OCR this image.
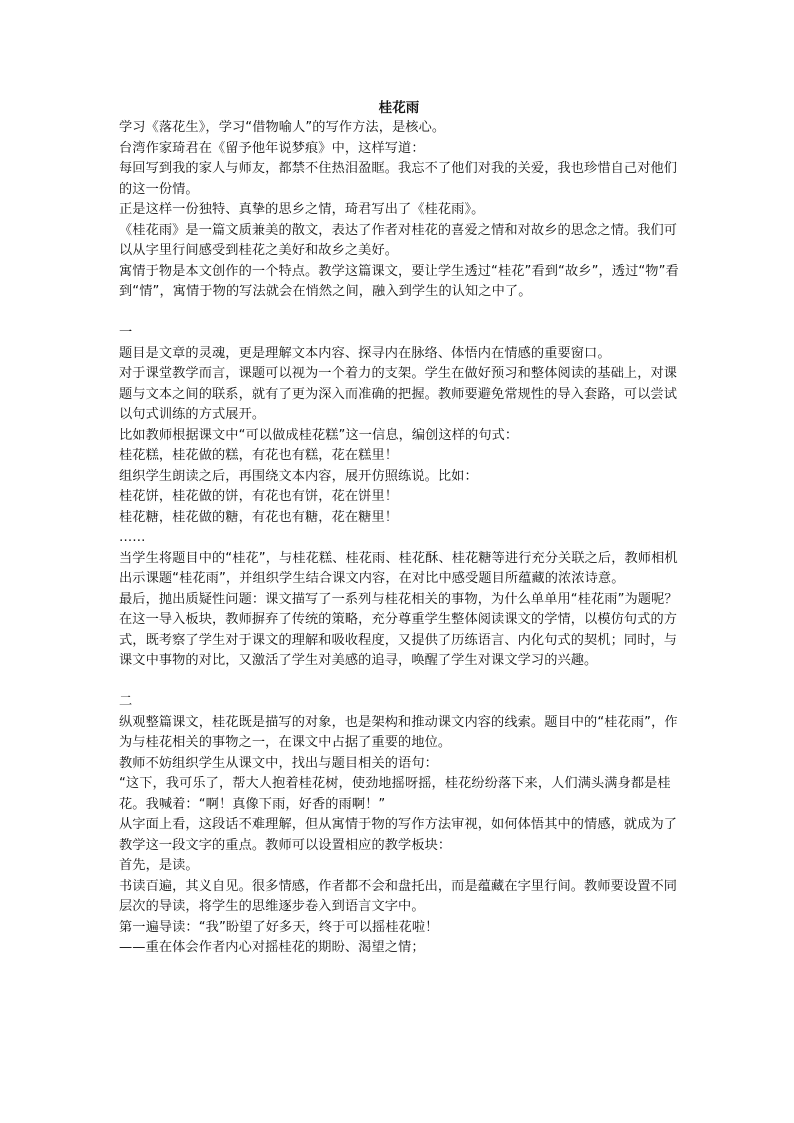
桂花雨

学习《落花生》，学习“借物喻人”的写作方法，是核心。

台湾作家琦君在《留予他年说梦痕》中，这样写道：

每回写到我的家人与师友，都禁不住热泪盈眶。我忘不了他们对我的关爱，我也珍惜自己对他们的这一份情。

正是这样一份独特、真挚的思乡之情，琦君写出了《桂花雨》。

《桂花雨》是一篇文质兼美的散文，表达了作者对桂花的喜爱之情和对故乡的思念之情。我们可以从字里行间感受到桂花之美好和故乡之美好。

寓情于物是本文创作的一个特点。教学这篇课文，要让学生透过“桂花”看到“故乡”，透过“物”看到“情”，寓情于物的写法就会在悄然之间，融入到学生的认知之中了。

一

题目是文章的灵魂，更是理解文本内容、探寻内在脉络、体悟内在情感的重要窗口。

对于课堂教学而言，课题可以视为一个着力的支架。学生在做好预习和整体阅读的基础上，对课题与文本之间的联系，就有了更为深入而准确的把握。教师要避免常规性的导入套路，可以尝试以句式训练的方式展开。

比如教师根据课文中“可以做成桂花糕”这一信息，编创这样的句式：

桂花糕，桂花做的糕，有花也有糕，花在糕里！

组织学生朗读之后，再围绕文本内容，展开仿照练说。比如：

桂花饼，桂花做的饼，有花也有饼，花在饼里！

桂花糖，桂花做的糖，有花也有糖，花在糖里！

……

当学生将题目中的“桂花”，与桂花糕、桂花雨、桂花酥、桂花糖等进行充分关联之后，教师相机出示课题“桂花雨”，并组织学生结合课文内容，在对比中感受题目所蕴藏的浓浓诗意。

最后，抛出质疑性问题：课文描写了一系列与桂花相关的事物，为什么单单用“桂花雨”为题呢？

在这一导入板块，教师摒弃了传统的策略，充分尊重学生整体阅读课文的学情，以模仿句式的方式，既考察了学生对于课文的理解和吸收程度，又提供了历练语言、内化句式的契机；同时，与课文中事物的对比，又激活了学生对美感的追寻，唤醒了学生对课文学习的兴趣。

二

纵观整篇课文，桂花既是描写的对象，也是架构和推动课文内容的线索。题目中的“桂花雨”，作为与桂花相关的事物之一，在课文中占据了重要的地位。

教师不妨组织学生从课文中，找出与题目相关的语句：

“这下，我可乐了，帮大人抱着桂花树，使劲地摇呀摇，桂花纷纷落下来，人们满头满身都是桂花。我喊着：“啊！真像下雨，好香的雨啊！”

从字面上看，这段话不难理解，但从寓情于物的写作方法审视，如何体悟其中的情感，就成为了教学这一段文字的重点。教师可以设置相应的教学板块：

首先，是读。

书读百遍，其义自见。很多情感，作者都不会和盘托出，而是蕴藏在字里行间。教师要设置不同层次的导读，将学生的思维逐步卷入到语言文字中。

第一遍导读：“我”盼望了好多天，终于可以摇桂花啦！

——重在体会作者内心对摇桂花的期盼、渴望之情；
